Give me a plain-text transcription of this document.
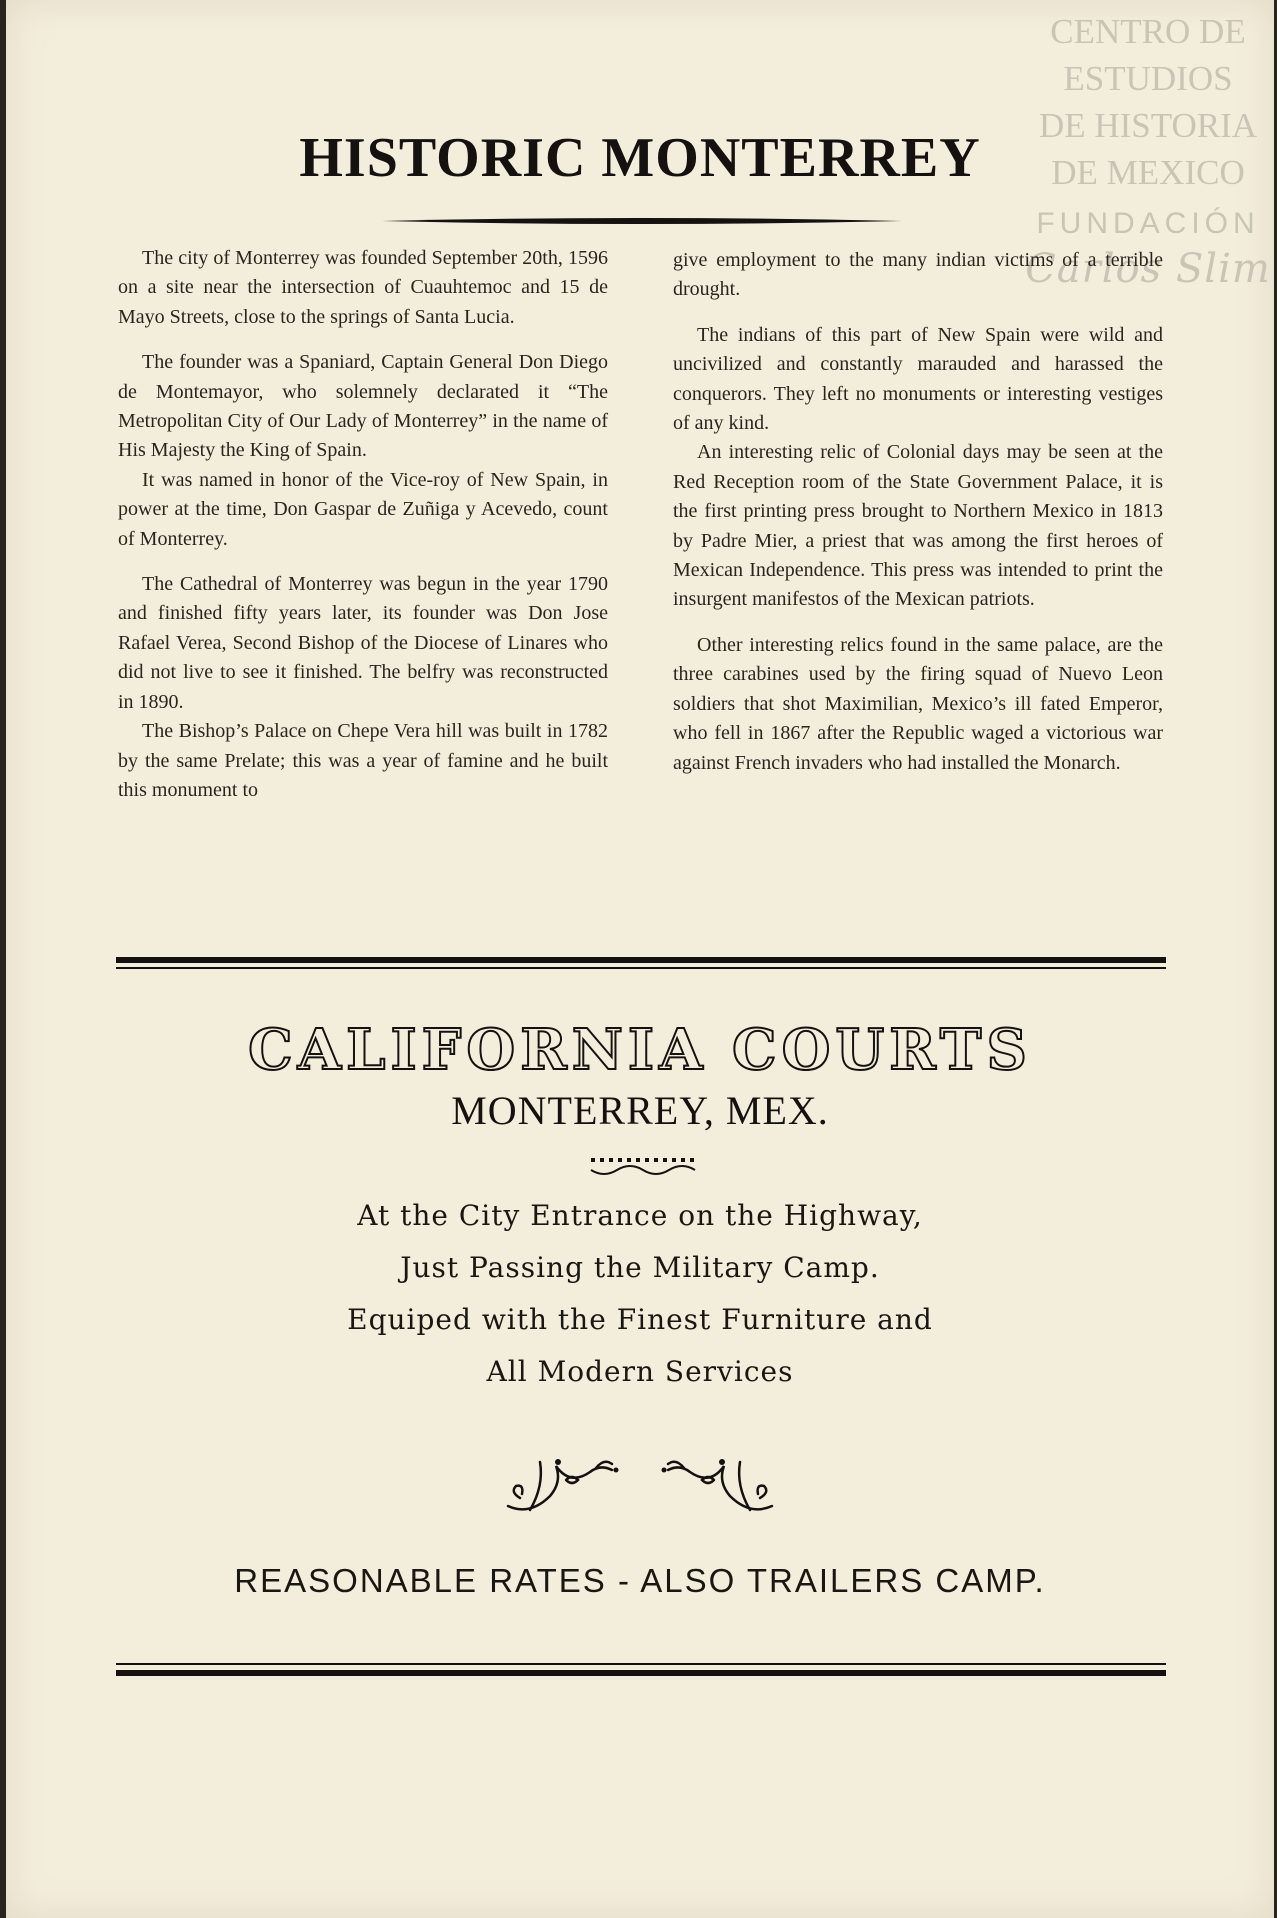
CENTRO DE
ESTUDIOS
DE HISTORIA
DE MEXICO
FUNDACIÓN
Carlos Slim
HISTORIC MONTERREY

The city of Monterrey was founded September 20th, 1596 on a site near the intersection of Cuauhtemoc and 15 de Mayo Streets, close to the springs of Santa Lucia.

The founder was a Spaniard, Captain General Don Diego de Montemayor, who solemnely declarated it “The Metropolitan City of Our Lady of Monterrey” in the name of His Majesty the King of Spain.

It was named in honor of the Vice-roy of New Spain, in power at the time, Don Gaspar de Zuñiga y Acevedo, count of Monterrey.

The Cathedral of Monterrey was begun in the year 1790 and finished fifty years later, its founder was Don Jose Rafael Verea, Second Bishop of the Diocese of Linares who did not live to see it finished. The belfry was reconstructed in 1890.

The Bishop’s Palace on Chepe Vera hill was built in 1782 by the same Prelate; this was a year of famine and he built this monument to

give employment to the many indian victims of a terrible drought.

The indians of this part of New Spain were wild and uncivilized and constantly marauded and harassed the conquerors. They left no monuments or interesting vestiges of any kind.

An interesting relic of Colonial days may be seen at the Red Reception room of the State Government Palace, it is the first printing press brought to Northern Mexico in 1813 by Padre Mier, a priest that was among the first heroes of Mexican Independence. This press was intended to print the insurgent manifestos of the Mexican patriots.

Other interesting relics found in the same palace, are the three carabines used by the firing squad of Nuevo Leon soldiers that shot Maximilian, Mexico’s ill fated Emperor, who fell in 1867 after the Republic waged a victorious war against French invaders who had installed the Monarch.

CALIFORNIA COURTS

MONTERREY, MEX.

At the City Entrance on the Highway,
Just Passing the Military Camp.
Equiped with the Finest Furniture and
All Modern Services

REASONABLE RATES - ALSO TRAILERS CAMP.
